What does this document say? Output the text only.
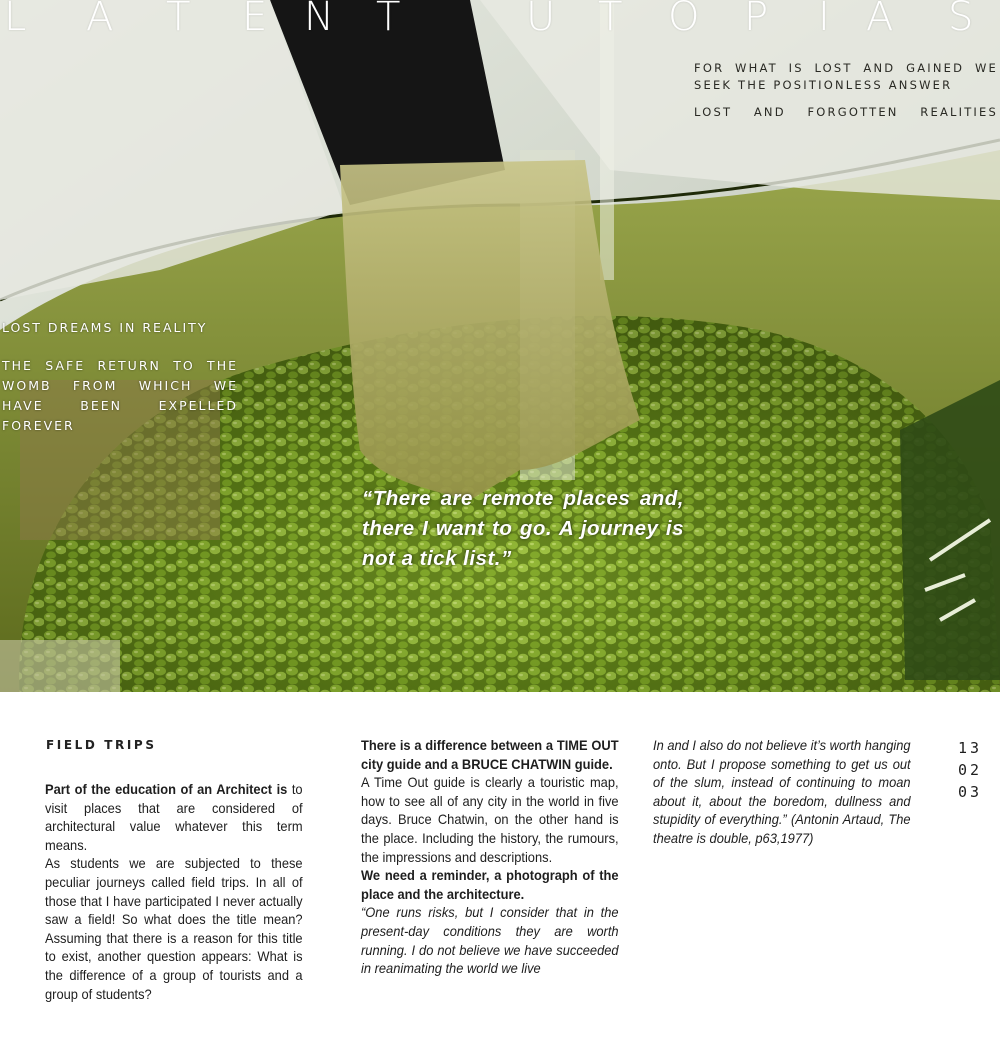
L A T E N T	U T O P I A S

FOR WHAT IS LOST AND GAINED WE SEEK THE POSITIONLESS ANSWER

LOST AND FORGOTTEN REALITIES

LOST DREAMS IN REALITY

THE SAFE RETURN TO THE WOMB FROM WHICH WE HAVE BEEN EXPELLED FOREVER

“There are remote places and, there I want to go. A journey is not a tick list.”

FIELD TRIPS

Part of the education of an Architect is to visit places that are considered of architectural value whatever this term means.

As students we are subjected to these peculiar journeys called field trips. In all of those that I have participated I never actually saw a field! So what does the title mean? Assuming that there is a reason for this title to exist, another question appears: What is the difference of a group of tourists and a group of students?

There is a difference between a TIME OUT city guide and a BRUCE CHATWIN guide.

A Time Out guide is clearly a touristic map, how to see all of any city in the world in five days. Bruce Chatwin, on the other hand is the place. Including the history, the rumours, the impressions and descriptions.

We need a reminder, a photograph of the place and the architecture.

“One runs risks, but I consider that in the present-day conditions they are worth running. I do not believe we have succeeded in reanimating the world we live

In and I also do not believe it’s worth hanging onto. But I propose something to get us out of the slum, instead of continuing to moan about it, about the boredom, dullness and stupidity of everything.” (Antonin Artaud, The theatre is double, p63,1977)

13
02
03
